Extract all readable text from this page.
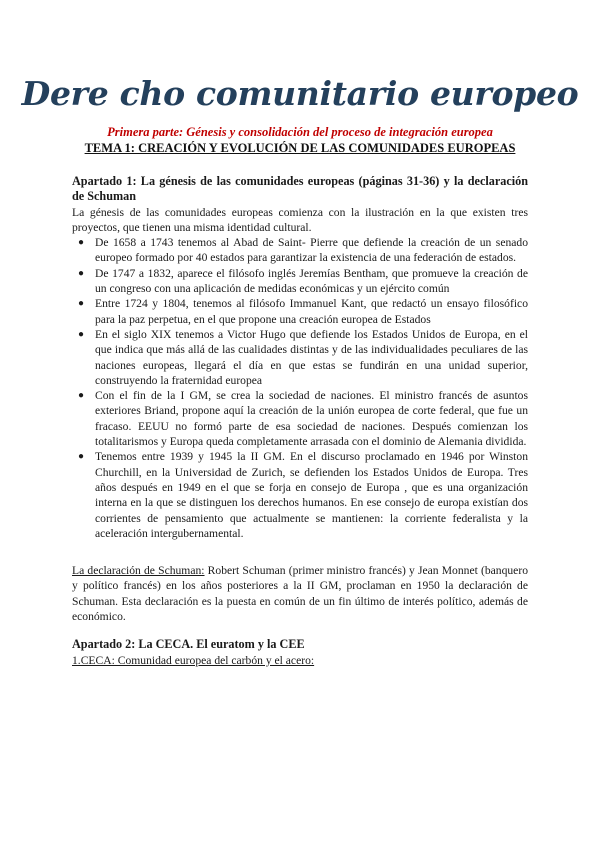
Dere cho comunitario europeo
Primera parte: Génesis y consolidación del proceso de integración europea
TEMA 1: CREACIÓN Y EVOLUCIÓN DE LAS COMUNIDADES EUROPEAS

Apartado 1: La génesis de las comunidades europeas (páginas 31-36) y la declaración de Schuman

La génesis de las comunidades europeas comienza con la ilustración en la que existen tres proyectos, que tienen una misma identidad cultural.

● De 1658 a 1743 tenemos al Abad de Saint- Pierre que defiende la creación de un senado europeo formado por 40 estados para garantizar la existencia de una federación de estados.
● De 1747 a 1832, aparece el filósofo inglés Jeremías Bentham, que promueve la creación de un congreso con una aplicación de medidas económicas y un ejército común
● Entre 1724 y 1804, tenemos al filósofo Immanuel Kant, que redactó un ensayo filosófico para la paz perpetua, en el que propone una creación europea de Estados
● En el siglo XIX tenemos a Victor Hugo que defiende los Estados Unidos de Europa, en el que indica que más allá de las cualidades distintas y de las individualidades peculiares de las naciones europeas, llegará el día en que estas se fundirán en una unidad superior, construyendo la fraternidad europea
● Con el fin de la I GM, se crea la sociedad de naciones. El ministro francés de asuntos exteriores Briand, propone aquí la creación de la unión europea de corte federal, que fue un fracaso. EEUU no formó parte de esa sociedad de naciones. Después comienzan los totalitarismos y Europa queda completamente arrasada con el dominio de Alemania dividida.
● Tenemos entre 1939 y 1945 la II GM. En el discurso proclamado en 1946 por Winston Churchill, en la Universidad de Zurich, se defienden los Estados Unidos de Europa. Tres años después en 1949 en el que se forja en consejo de Europa , que es una organización interna en la que se distinguen los derechos humanos. En ese consejo de europa existían dos corrientes de pensamiento que actualmente se mantienen: la corriente federalista y la aceleración intergubernamental.

La declaración de Schuman: Robert Schuman (primer ministro francés) y Jean Monnet (banquero y político francés) en los años posteriores a la II GM, proclaman en 1950 la declaración de Schuman. Esta declaración es la puesta en común de un fin último de interés político, además de económico.

Apartado 2: La CECA. El euratom y la CEE

1.CECA: Comunidad europea del carbón y el acero:
